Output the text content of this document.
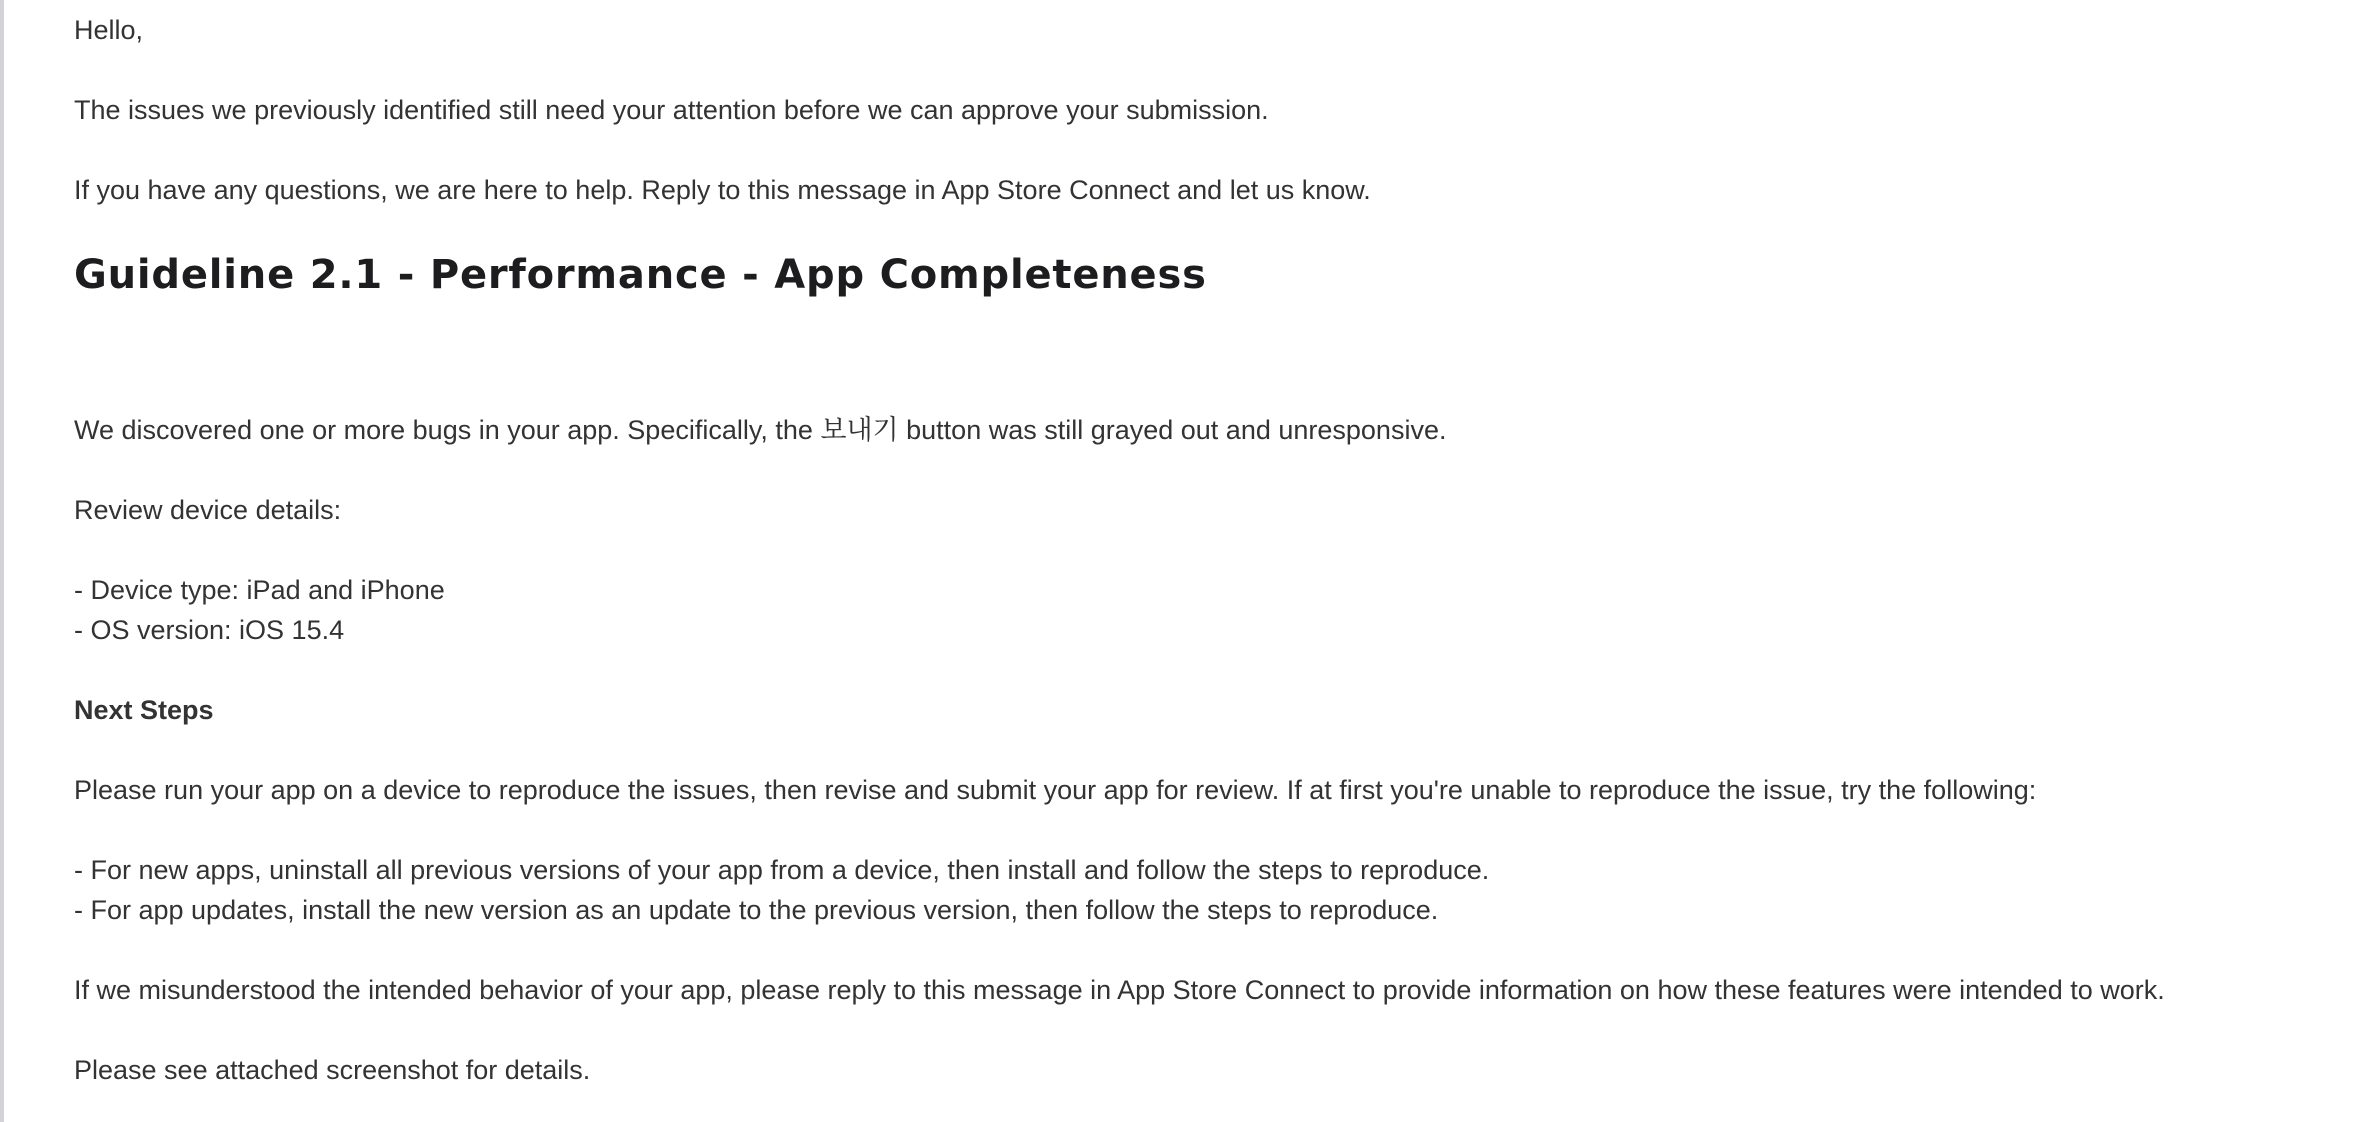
Hello,

The issues we previously identified still need your attention before we can approve your submission.

If you have any questions, we are here to help. Reply to this message in App Store Connect and let us know.

Guideline 2.1 - Performance - App Completeness

We discovered one or more bugs in your app. Specifically, the 보내기 button was still grayed out and unresponsive.

Review device details:

- Device type: iPad and iPhone

- OS version: iOS 15.4

Next Steps

Please run your app on a device to reproduce the issues, then revise and submit your app for review. If at first you're unable to reproduce the issue, try the following:

- For new apps, uninstall all previous versions of your app from a device, then install and follow the steps to reproduce.

- For app updates, install the new version as an update to the previous version, then follow the steps to reproduce.

If we misunderstood the intended behavior of your app, please reply to this message in App Store Connect to provide information on how these features were intended to work.

Please see attached screenshot for details.
